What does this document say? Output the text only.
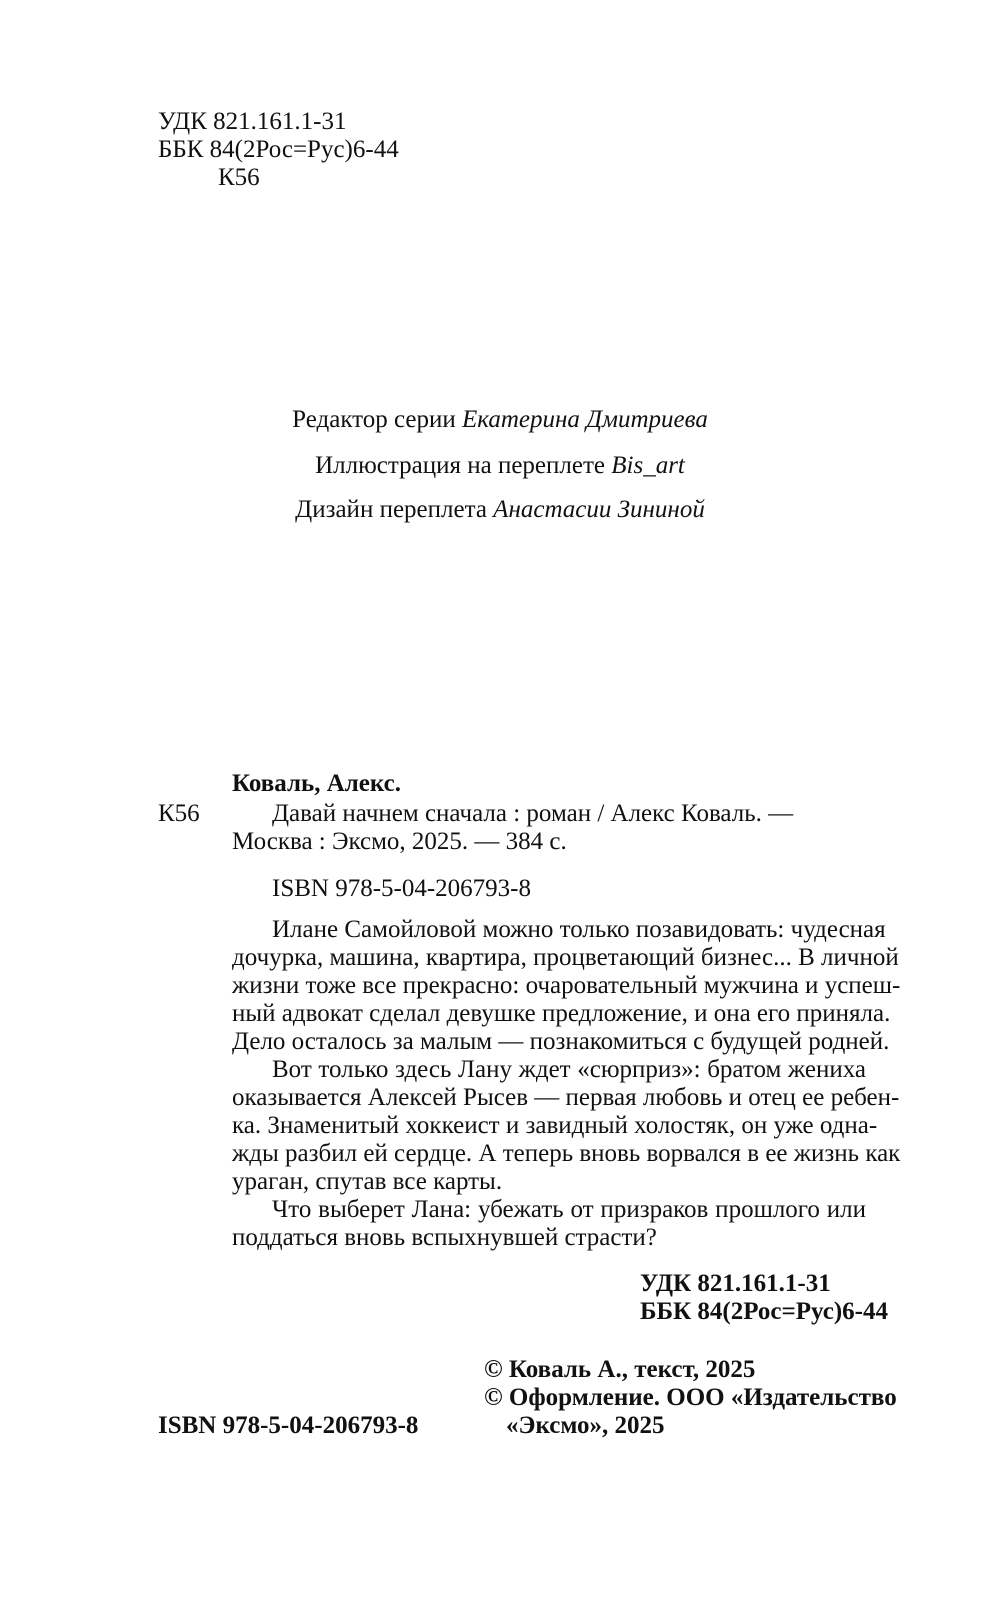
УДК 821.161.1-31
ББК 84(2Рос=Рус)6-44
К56
Редактор серии Екатерина Дмитриева
Иллюстрация на переплете Bis_art
Дизайн переплета Анастасии Зининой
Коваль, Алекс.
К56	Давай начнем сначала : роман / Алекс Коваль. —
Москва : Эксмо, 2025. — 384 с.
ISBN 978-5-04-206793-8
Илане Самойловой можно только позавидовать: чудесная
дочурка, машина, квартира, процветающий бизнес... В личной
жизни тоже все прекрасно: очаровательный мужчина и успеш-
ный адвокат сделал девушке предложение, и она его приняла.
Дело осталось за малым — познакомиться с будущей родней.
Вот только здесь Лану ждет «сюрприз»: братом жениха
оказывается Алексей Рысев — первая любовь и отец ее ребен-
ка. Знаменитый хоккеист и завидный холостяк, он уже одна-
жды разбил ей сердце. А теперь вновь ворвался в ее жизнь как
ураган, спутав все карты.
Что выберет Лана: убежать от призраков прошлого или
поддаться вновь вспыхнувшей страсти?
УДК 821.161.1-31
ББК 84(2Рос=Рус)6-44
ISBN 978-5-04-206793-8
© Коваль А., текст, 2025
© Оформление. ООО «Издательство
«Эксмо», 2025
